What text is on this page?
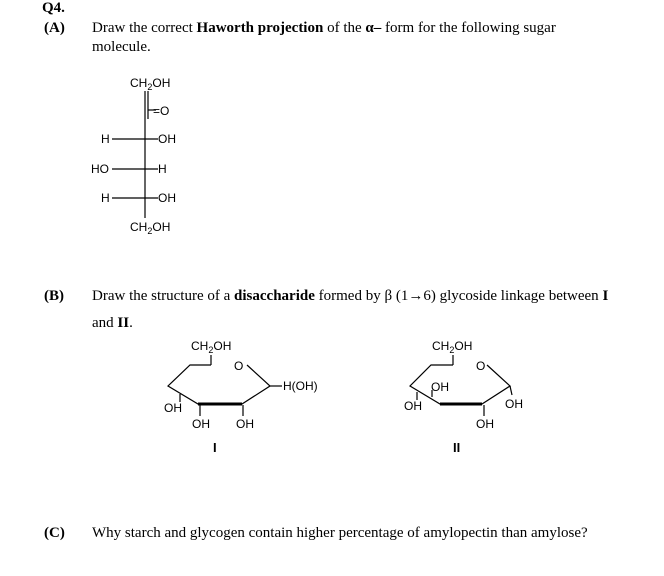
Q4.
(A) Draw the correct Haworth projection of the α– form for the following sugar
molecule.
(B) Draw the structure of a disaccharide formed by β (1→6) glycoside linkage between I
and II.
(C) Why starch and glycogen contain higher percentage of amylopectin than amylose?
$CH_2OH$
=O
H	OH
HO	H
H	OH
$CH_2OH$
$CH_2OH$
O
H(OH)
OH
OH OH
I
$CH_2OH$
O
OH
OH	OH
OH
II
